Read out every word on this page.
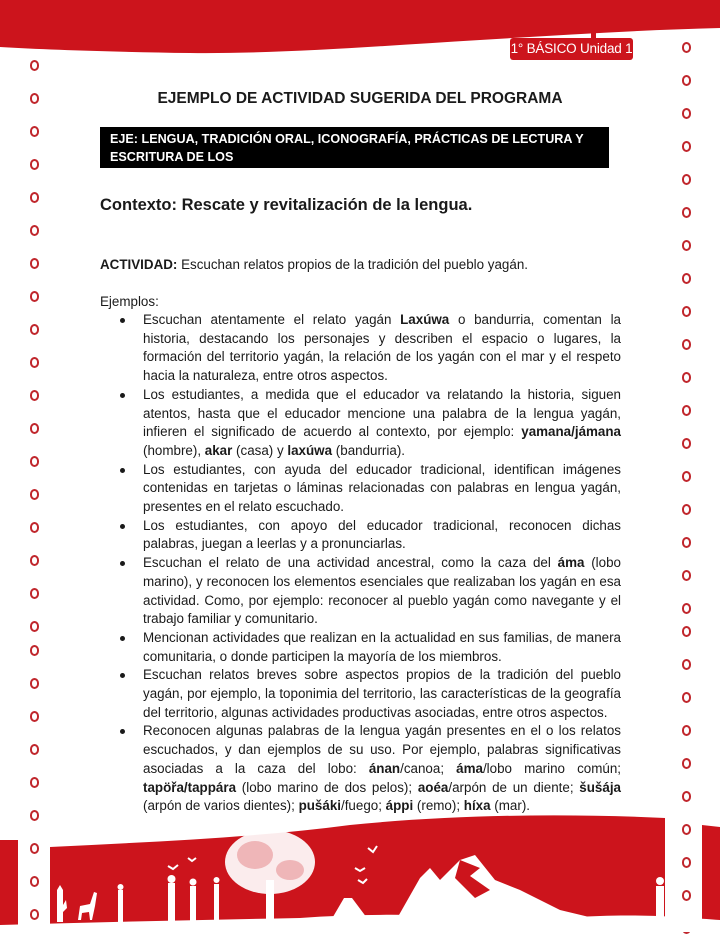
1° BÁSICO Unidad 1
EJEMPLO DE ACTIVIDAD SUGERIDA DEL PROGRAMA
EJE: LENGUA, TRADICIÓN ORAL, ICONOGRAFÍA, PRÁCTICAS DE LECTURA Y ESCRITURA DE LOS
PUEBLOS ORIGINARIOS.
Contexto: Rescate y revitalización de la lengua.
ACTIVIDAD: Escuchan relatos propios de la tradición del pueblo yagán.
Ejemplos:
Escuchan atentamente el relato yagán Laxúwa o bandurria, comentan la historia, destacando los personajes y describen el espacio o lugares, la formación del territorio yagán, la relación de los yagán con el mar y el respeto hacia la naturaleza, entre otros aspectos.
Los estudiantes, a medida que el educador va relatando la historia, siguen atentos, hasta que el educador mencione una palabra de la lengua yagán, infieren el significado de acuerdo al contexto, por ejemplo: yamana/jámana (hombre), akar (casa) y laxúwa (bandurria).
Los estudiantes, con ayuda del educador tradicional, identifican imágenes contenidas en tarjetas o láminas relacionadas con palabras en lengua yagán, presentes en el relato escuchado.
Los estudiantes, con apoyo del educador tradicional, reconocen dichas palabras, juegan a leerlas y a pronunciarlas.
Escuchan el relato de una actividad ancestral, como la caza del áma (lobo marino), y reconocen los elementos esenciales que realizaban los yagán en esa actividad. Como, por ejemplo: reconocer al pueblo yagán como navegante y el trabajo familiar y comunitario.
Mencionan actividades que realizan en la actualidad en sus familias, de manera comunitaria, o donde participen la mayoría de los miembros.
Escuchan relatos breves sobre aspectos propios de la tradición del pueblo yagán, por ejemplo, la toponimia del territorio, las características de la geografía del territorio, algunas actividades productivas asociadas, entre otros aspectos.
Reconocen algunas palabras de la lengua yagán presentes en el o los relatos escuchados, y dan ejemplos de su uso. Por ejemplo, palabras significativas asociadas a la caza del lobo: ánan/canoa; áma/lobo marino común; tapöřa/tappára (lobo marino de dos pelos); aoéa/arpón de un diente; šušája (arpón de varios dientes); pušáki/fuego; áppi (remo); híxa (mar).
